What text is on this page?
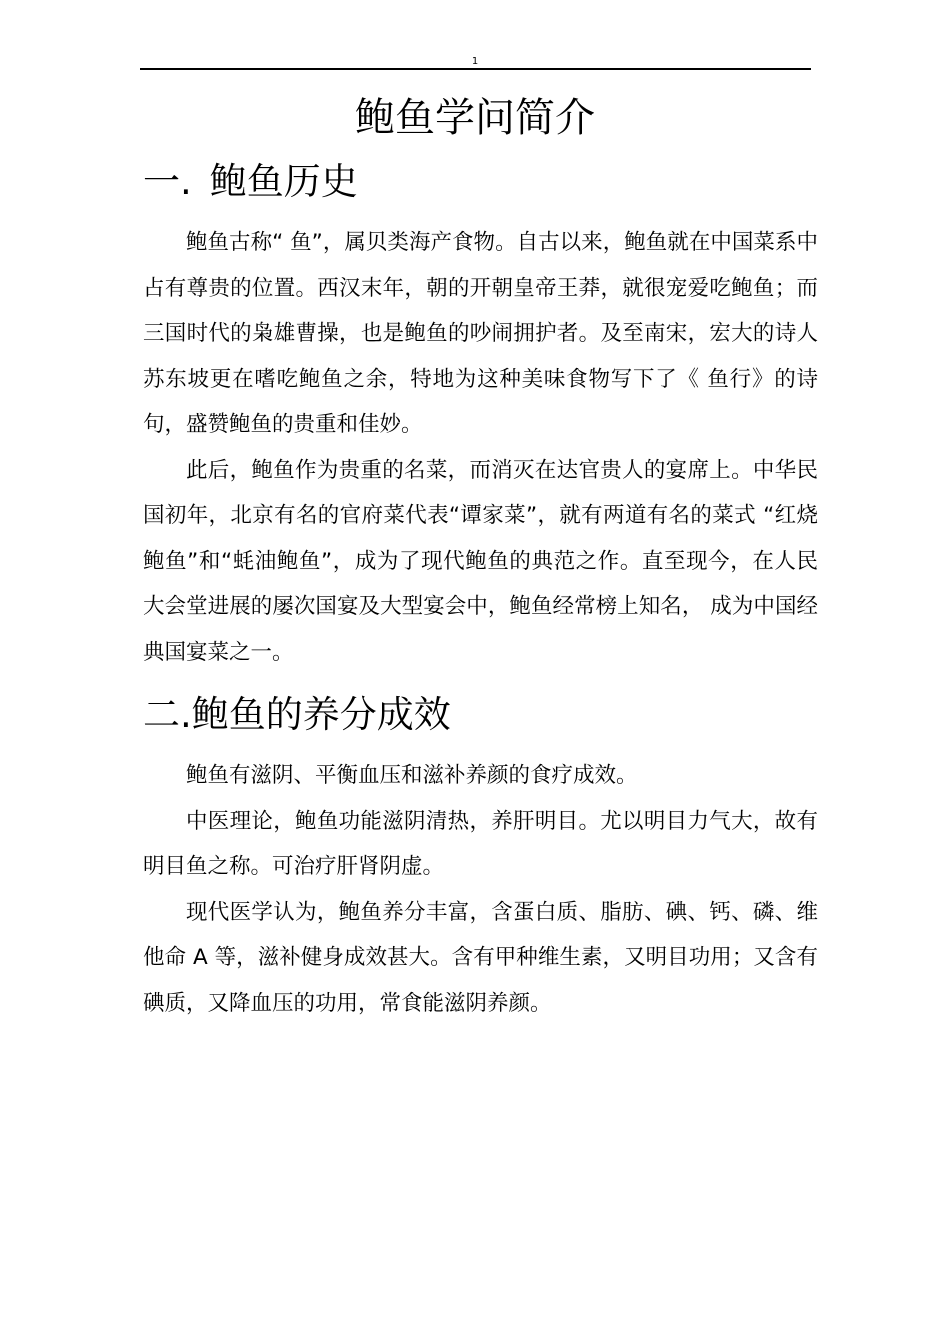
1
鲍鱼学问简介
一. 鲍鱼历史

鲍鱼古称“ 鱼”，属贝类海产食物。自古以来，鲍鱼就在中国菜系中占有尊贵的位置。西汉末年，朝的开朝皇帝王莽，就很宠爱吃鲍鱼；而三国时代的枭雄曹操，也是鲍鱼的吵闹拥护者。及至南宋，宏大的诗人苏东坡更在嗜吃鲍鱼之余，特地为这种美味食物写下了《 鱼行》的诗句，盛赞鲍鱼的贵重和佳妙。

此后，鲍鱼作为贵重的名菜，而消灭在达官贵人的宴席上。中华民国初年，北京有名的官府菜代表“谭家菜”，就有两道有名的菜式 “红烧鲍鱼”和“蚝油鲍鱼”，成为了现代鲍鱼的典范之作。直至现今，在人民大会堂进展的屡次国宴及大型宴会中，鲍鱼经常榜上知名， 成为中国经典国宴菜之一。

二.鲍鱼的养分成效

鲍鱼有滋阴、平衡血压和滋补养颜的食疗成效。

中医理论，鲍鱼功能滋阴清热，养肝明目。尤以明目力气大，故有明目鱼之称。可治疗肝肾阴虚。

现代医学认为，鲍鱼养分丰富，含蛋白质、脂肪、碘、钙、磷、维他命 A 等，滋补健身成效甚大。含有甲种维生素，又明目功用；又含有碘质，又降血压的功用，常食能滋阴养颜。
